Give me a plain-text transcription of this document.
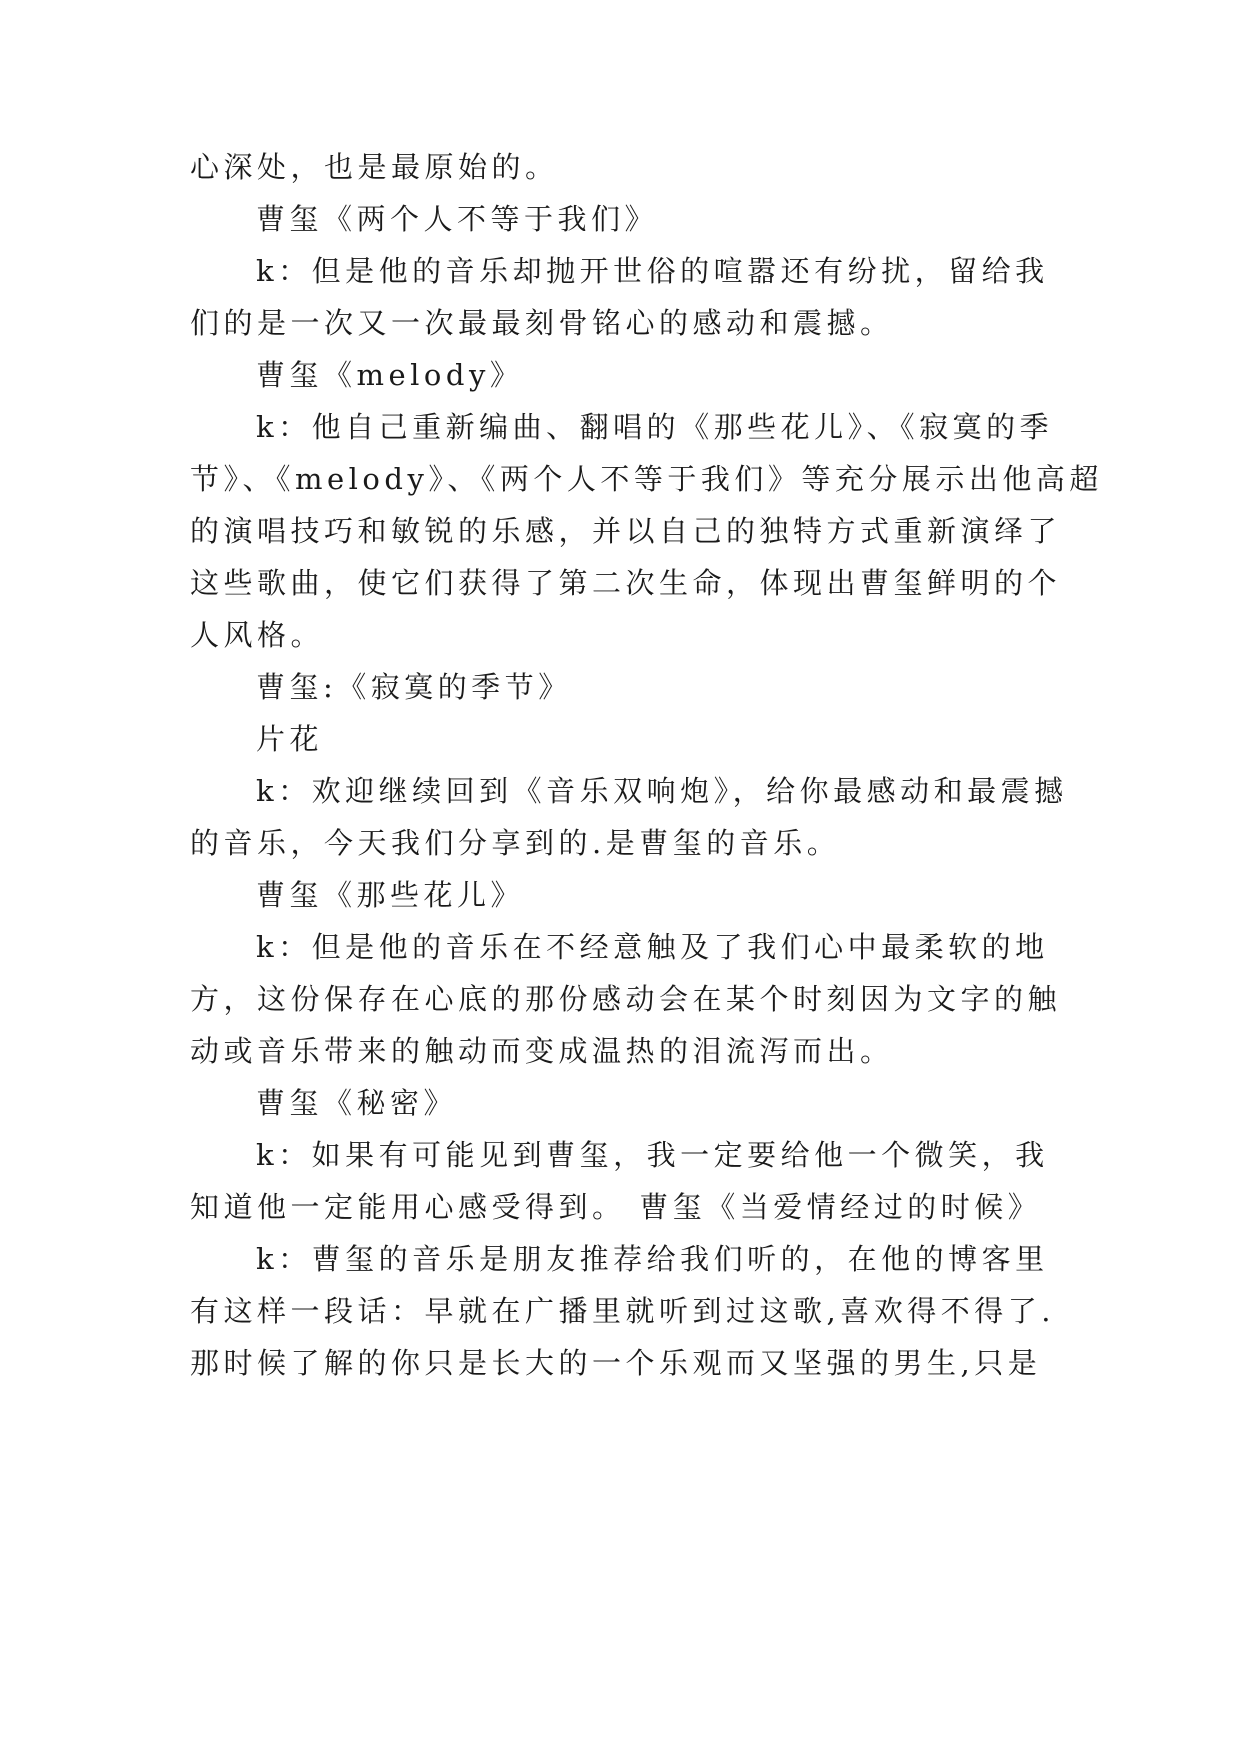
心深处，也是最原始的。
曹玺《两个人不等于我们》
k：但是他的音乐却抛开世俗的喧嚣还有纷扰，留给我
们的是一次又一次最最刻骨铭心的感动和震撼。
曹玺《melody》
k：他自己重新编曲、翻唱的《那些花儿》、《寂寞的季
节》、《melody》、《两个人不等于我们》等充分展示出他高超
的演唱技巧和敏锐的乐感，并以自己的独特方式重新演绎了
这些歌曲，使它们获得了第二次生命，体现出曹玺鲜明的个
人风格。
曹玺:《寂寞的季节》
片花
k：欢迎继续回到《音乐双响炮》，给你最感动和最震撼
的音乐，今天我们分享到的.是曹玺的音乐。
曹玺《那些花儿》
k：但是他的音乐在不经意触及了我们心中最柔软的地
方，这份保存在心底的那份感动会在某个时刻因为文字的触
动或音乐带来的触动而变成温热的泪流泻而出。
曹玺《秘密》
k：如果有可能见到曹玺，我一定要给他一个微笑，我
知道他一定能用心感受得到。 曹玺《当爱情经过的时候》
k：曹玺的音乐是朋友推荐给我们听的，在他的博客里
有这样一段话：早就在广播里就听到过这歌,喜欢得不得了.
那时候了解的你只是长大的一个乐观而又坚强的男生,只是
